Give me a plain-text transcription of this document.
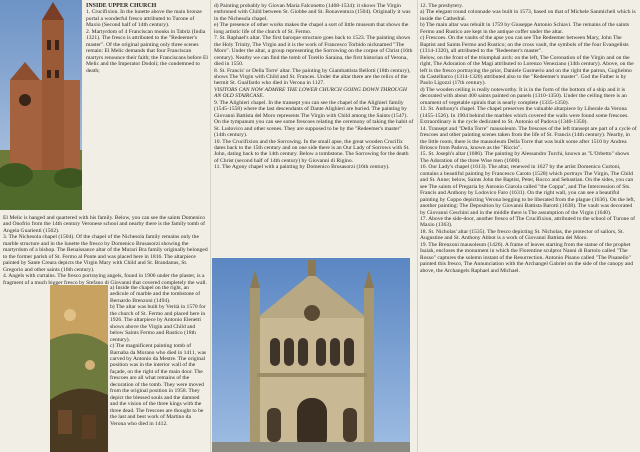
INSIDE UPPER CHURCH

1. Crucifixion. In the lunette above the main bronze portal a wonderful fresco attributed to Turone of Maxio (Second half of 14th century).

2. Martyrdom of 4 Franciscan monks in Tabriz (India 1321). The fresco is attributed to the "Redeemer's master". Of the original painting only three scenes remain: El Melic demands that four Franciscan martyrs renounce their faith; the Franciscans before El Melic and the Imperator Dodoli; the condemned to death;

El Melic is hanged and quartered with his family. Below, you can see the saints Domenico and Onofrio from the 14th century Veronese school and nearby there is the family tomb of Angela Guarienti (1562).

3. The Nichesola chapel (1504). Of the chapel of the Nichesola family remains only the marble structure and in the lunette the fresco by Domenico Brusasorzi showing the martyrdom of a bishop. The Renaissance altar of the Murari Bra family originally belonged to the former parish of St. Fermo al Ponte and was placed here in 1816. The altarpiece painted by Sante Creara depicts the Virgin Mary with Child and St. Brandanus, St. Gregorio and other saints (16th century).

4. Angels with curtains. The fresco portraying angels, found in 1906 under the plaster, is a fragment of a much bigger fresco by Stefano di Giovanni that covered completely the wall.

a) Inside the chapel on the right, an aedicule of marble and the tombstone of Bernardo Brenzoni (1494).

b) The altar was built by Verità in 1570 for the church of St. Fermo and placed here in 1926. The altarpiece by Antonio Elenetti shows above the Virgin and Child and below Saints Fermo and Rustico (18th century).

c) The magnificent painting tomb of Barnaba da Morano who died in 1411, was carved by Antonio da Mestre. The original position was in the interior wall of the façade, on the right of the main door. The frescoes are all what remains of the decoration of the tomb. They were moved from the original position in 1958. They depict the blessed souls and the damned and the vision of the three kings with the three dead. The frescoes are thought to be the last and best work of Martino da Verona who died in 1412.

d) Painting probably by Giovan Maria Falconetto (1468-1534): it shows The Virgin enthroned with Child between St. Giobbe and St. Bonaventura (1504). Originally it was in the Nichesola chapel.

e) The presence of other works makes the chapel a sort of little museum that shows the long artistic life of the church of St. Fermo.

7. St. Raphael's altar. The first baroque structure goes back to 1523. The painting shows the Holy Trinity, The Virgin and it is the work of Francesco Torbido nicknamed "The Moro". Under the altar, a group representing the Sorrowing on the corpse of Christ (16th century). Nearby we can find the tomb of Torello Saraina, the first historian of Verona, died in 1550.

8. St. Francis' or Della Torre' altar. The painting by Giambattista Bellotti (18th century), shows The Virgin with Child and St. Frances. Under the altar there are the relics of the hermit St. Gualfardo who died in Verona in 1127.

VISITORS CAN NOW ADMIRE THE LOWER CHURCH GOING DOWN THROUGH AN OLD STAIRCASE.

9. The Alighieri chapel. In the transept you can see the chapel of the Alighieri family (1545-1558) where the last descendants of Dante Alighieri are buried. The painting by Giovanni Battista del Moro represents The Virgin with Child among the Saints (1547). On the tympanum you can see some frescoes relating the ceremony of taking the habit of St. Ludovico and other scenes. They are supposed to be by the "Redeemer's master" (14th century).

10. The Crucifixion and the Sorrowing. In the small apse, the great wooden Crucifix dates back to the 15th century and on one side there is an Our Lady of Sorrows with St. John, dating back to the 14th century. Below a tombstone. The Sorrowing for the death of Christ (second half of 14th century) by Giovanni di Rigino.

11. The Agony chapel with a painting by Domenico Brusasorzi (16th century).

12. The presbytery.

a) The elegant round colonnade was built in 1573, based on that of Michele Sanmicheli which is inside the Cathedral.

b) The main altar was rebuilt in 1759 by Giuseppe Antonio Schiavi. The remains of the saints Fermo and Rustico are kept in the antique coffer under the altar.

c) Frescoes. On the vaults of the apse you can see The Redeemer between Mary, John The Baptist and Saints Fermo and Rustico; on the cross vault, the symbols of the four Evangelists (1314-1320), all attributed to the "Redeemer's master".

Below, on the front of the triumphal arch: on the left, The Coronation of the Virgin and on the right, The Adoration of the Magi attributed to Lorenzo Veneziano (14th century). Above, on the left is the fresco portraying the prior, Daniele Gusmerio and on the right the patron, Guglielmo da Castelbarco (1314-1320) attributed also to the "Redeemer's master". God the Father is by Paolo Ligozzi (17th century).

d) The wooden ceiling is really noteworthy. It is in the form of the bottom of a ship and it is decorated with about 400 saints painted on panels (1310-1350). Under the ceiling there is an ornament of vegetable spirals that is nearly complete (1335-1350).

13. St. Anthony's chapel. The chapel preserves the valuable altarpiece by Liberale da Verona (1455-1526). In 1904 behind the marbles which covered the walls were found some frescoes. Extraordinary is the cycle dedicated to St. Antonio of Padova (1340-1350).

14. Transept and "Della Torre" mausoleum. The frescoes of the left transept are part of a cycle of frescoes and other painting scenes taken from the life of St. Francis (14th century). Nearby, in the little room, there is the mausoleum Della Torre that was built some after 1510 by Andrea Briosco from Padova, known as the "Riccio".

15. St. Joseph's altar (1686). The painting by Alessandro Turchi, known as "L'Orbetto" shows The Adoration of the three Wise men (1600).

16. Our Lady's chapel (1613). The altar, renewed in 1627 by the artist Domenico Curtoni, contains a beautiful painting by Francesco Caroto (1528) which portrays The Virgin, The Child and St. Anne; below, Saints John the Baptist, Peter, Rocco and Sebastian. On the sides, you can see The saints of Pregaria by Antonio Giarola called "the Coppa", and The Intercession of Sts. Francis and Anthony by Lodovico Faro (1631). On the right wall, you can see a beautiful painting by Coppo depicting Verona begging to be liberated from the plague (1636). On the left, another painting: The Deposition by Giovanni Battista Barotti (1638). The vault was decorated by Giovanni Ceschini and in the middle there is The assumption of the Virgin (1640).

17. Above the side-door, another fresco of The Crucifixion, attributed to the school of Turone of Maxio (1363).

18. St. Nicholas' altar (1535). The fresco depicting St. Nicholas, the protector of sailors, St. Augustine and St. Anthony Abbot is a work of Giovanni Battista del Moro.

19. The Brenzoni mausoleum (1426). A frame of leaves starting from the statue of the prophet Isaiah, encloses the monument in which the Florentine sculptor Nanni di Bartolo called "The Rosso" captures the solemn instant of the Resurrection. Antonio Pisano called "The Pisanello" painted this fresco, The Annunciation with the Archangel Gabriel on the side of the canopy and above, the Archangels Raphael and Michael.
